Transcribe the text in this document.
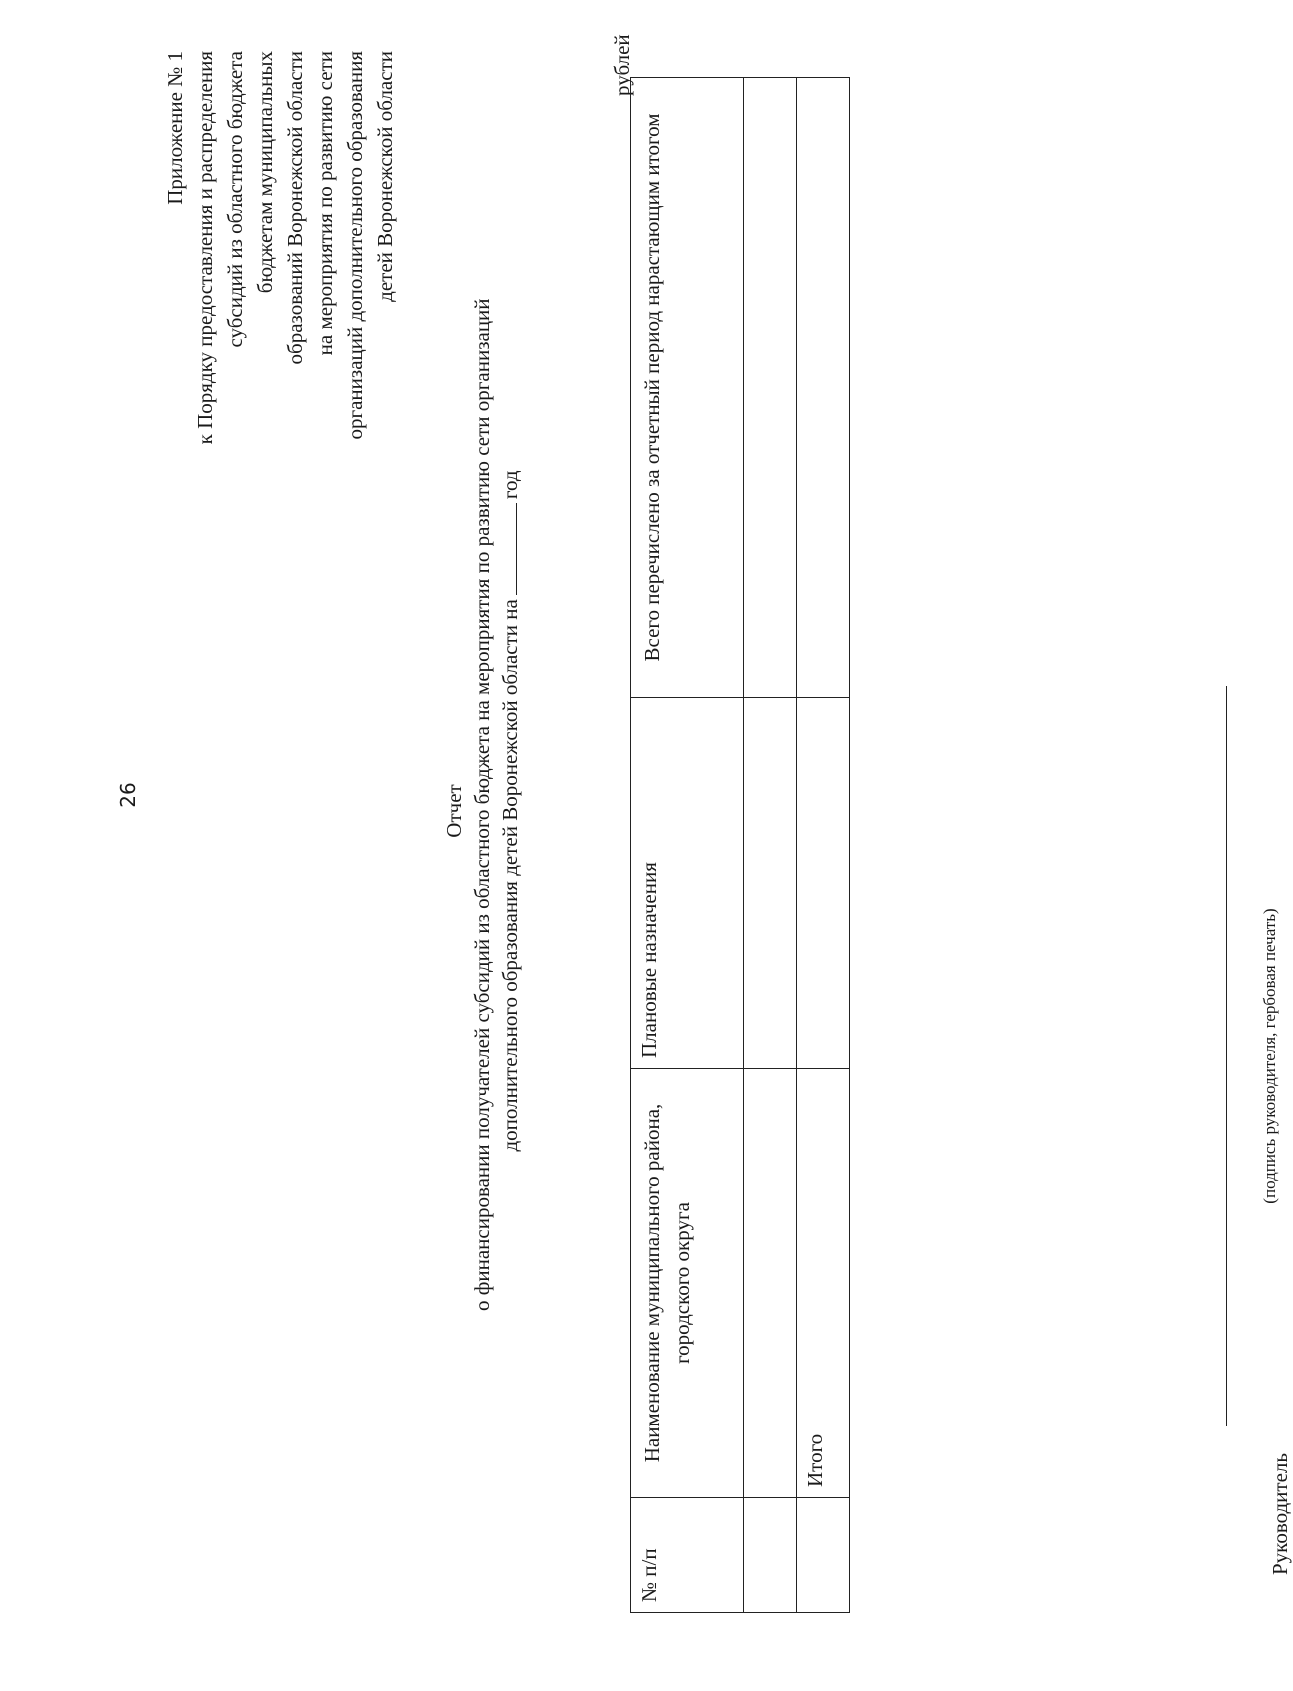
26
Приложение № 1 к Порядку предоставления и распределения субсидий из областного бюджета бюджетам муниципальных образований Воронежской области на мероприятия по развитию сети организаций дополнительного образования детей Воронежской области
Отчет о финансировании получателей субсидий из областного бюджета на мероприятия по развитию сети организаций дополнительного образования детей Воронежской области нагод
рублей
№ п/п	Наименование муниципального района, городского округа	Плановые назначения	Всего перечислено за отчетный период нарастающим итогом

	Итого		
(подпись руководителя, гербовая печать)
Руководитель
